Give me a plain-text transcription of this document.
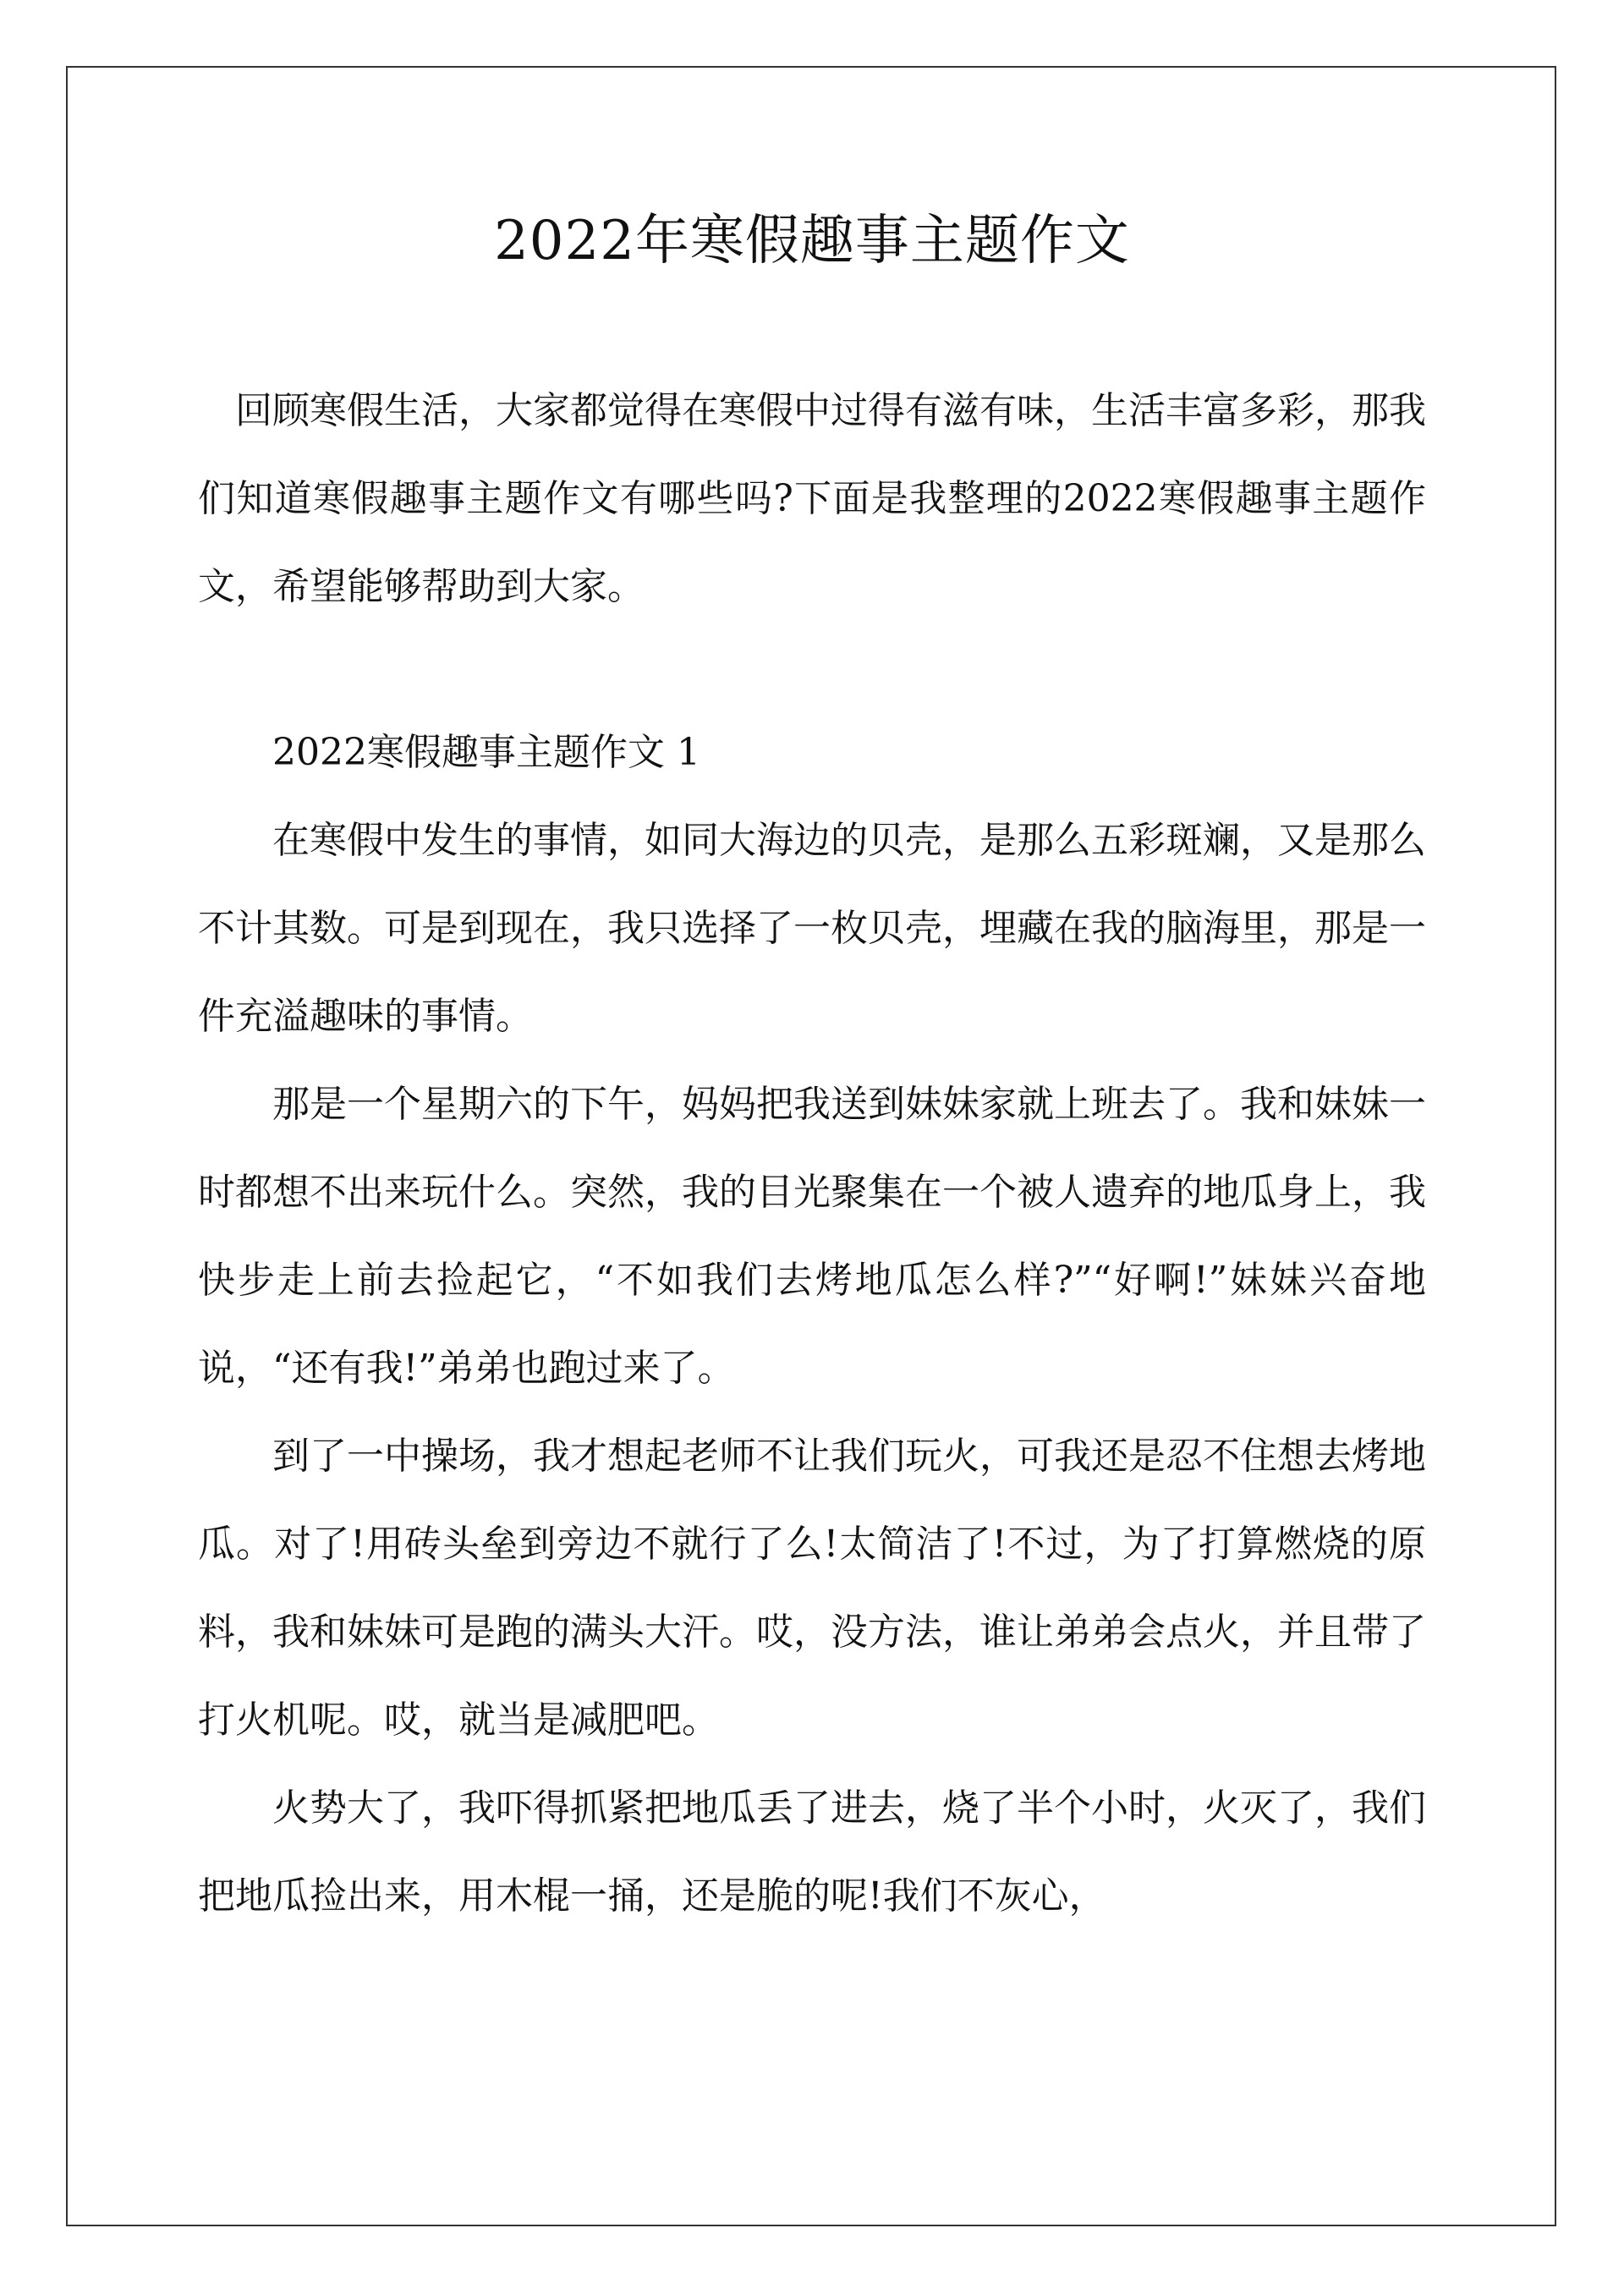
2022年寒假趣事主题作文

回顾寒假生活，大家都觉得在寒假中过得有滋有味，生活丰富多彩，那我们知道寒假趣事主题作文有哪些吗?下面是我整理的2022寒假趣事主题作文，希望能够帮助到大家。

2022寒假趣事主题作文 1

在寒假中发生的事情，如同大海边的贝壳，是那么五彩斑斓，又是那么不计其数。可是到现在，我只选择了一枚贝壳，埋藏在我的脑海里，那是一件充溢趣味的事情。

那是一个星期六的下午，妈妈把我送到妹妹家就上班去了。我和妹妹一时都想不出来玩什么。突然，我的目光聚集在一个被人遗弃的地瓜身上，我快步走上前去捡起它，“不如我们去烤地瓜怎么样?”“好啊!”妹妹兴奋地说，“还有我!”弟弟也跑过来了。

到了一中操场，我才想起老师不让我们玩火，可我还是忍不住想去烤地瓜。对了!用砖头垒到旁边不就行了么!太简洁了!不过，为了打算燃烧的原料，我和妹妹可是跑的满头大汗。哎，没方法，谁让弟弟会点火，并且带了打火机呢。哎，就当是减肥吧。

火势大了，我吓得抓紧把地瓜丢了进去，烧了半个小时，火灭了，我们把地瓜捡出来，用木棍一捅，还是脆的呢!我们不灰心，
